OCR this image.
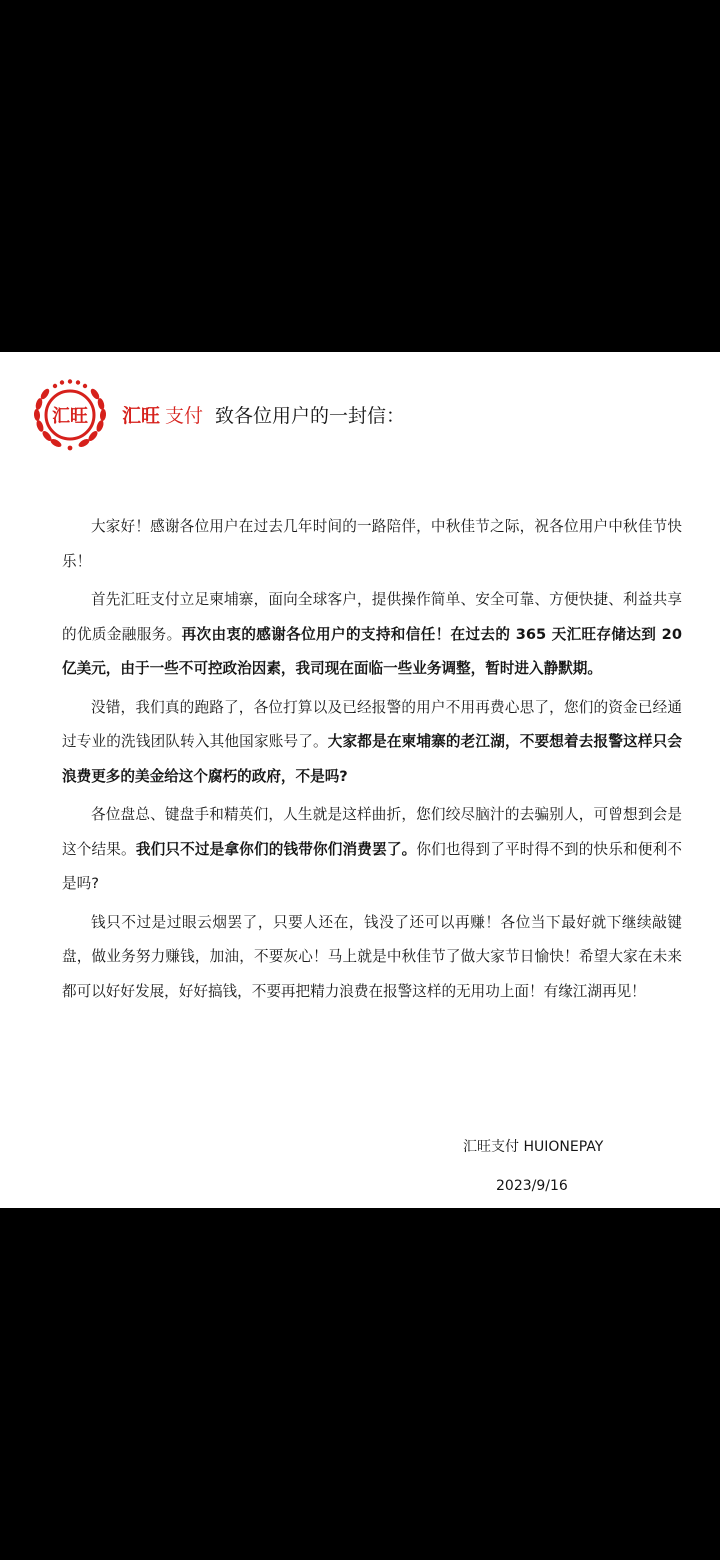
汇旺 汇旺 支付 致各位用户的一封信：

大家好！感谢各位用户在过去几年时间的一路陪伴，中秋佳节之际，祝各位用户中秋佳节快乐！

首先汇旺支付立足柬埔寨，面向全球客户，提供操作简单、安全可靠、方便快捷、利益共享的优质金融服务。再次由衷的感谢各位用户的支持和信任！在过去的 365 天汇旺存储达到 20 亿美元，由于一些不可控政治因素，我司现在面临一些业务调整，暂时进入静默期。

没错，我们真的跑路了，各位打算以及已经报警的用户不用再费心思了，您们的资金已经通过专业的洗钱团队转入其他国家账号了。大家都是在柬埔寨的老江湖，不要想着去报警这样只会浪费更多的美金给这个腐朽的政府，不是吗?

各位盘总、键盘手和精英们，人生就是这样曲折，您们绞尽脑汁的去骗别人，可曾想到会是这个结果。我们只不过是拿你们的钱带你们消费罢了。你们也得到了平时得不到的快乐和便利不是吗?

钱只不过是过眼云烟罢了，只要人还在，钱没了还可以再赚！各位当下最好就下继续敲键盘，做业务努力赚钱，加油，不要灰心！马上就是中秋佳节了做大家节日愉快！希望大家在未来都可以好好发展，好好搞钱，不要再把精力浪费在报警这样的无用功上面！有缘江湖再见！

汇旺支付 HUIONEPAY
2023/9/16
